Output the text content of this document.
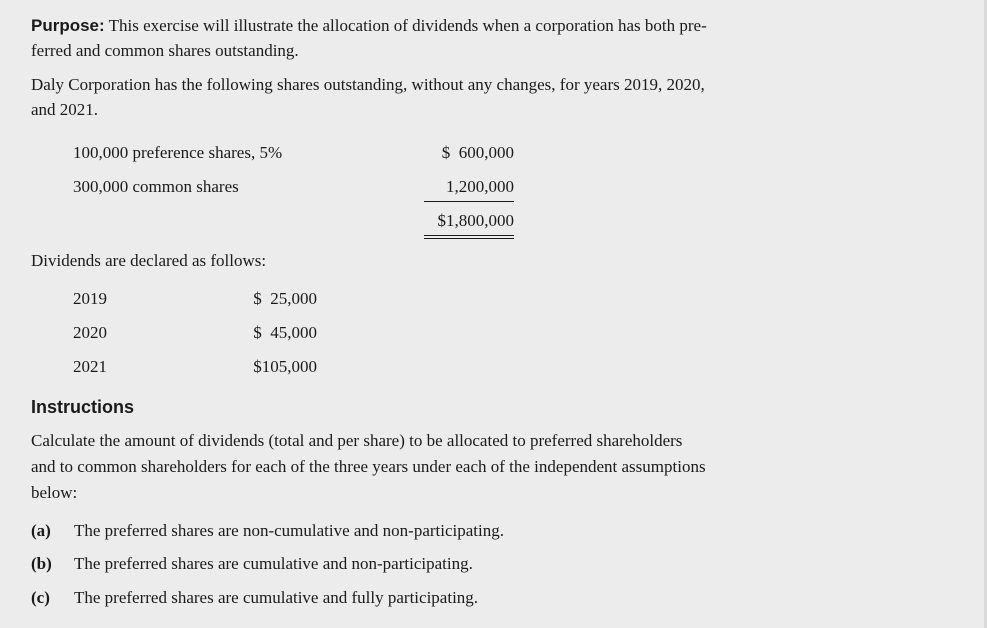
Purpose: This exercise will illustrate the allocation of dividends when a corporation has both pre-
ferred and common shares outstanding.
Daly Corporation has the following shares outstanding, without any changes, for years 2019, 2020,
and 2021.
100,000 preference shares, 5%	$  600,000
300,000 common shares	1,200,000
$1,800,000
Dividends are declared as follows:
2019	$  25,000
2020	$  45,000
2021	$105,000
Instructions
Calculate the amount of dividends (total and per share) to be allocated to preferred shareholders
and to common shareholders for each of the three years under each of the independent assumptions
below:
(a) The preferred shares are non-cumulative and non-participating.
(b) The preferred shares are cumulative and non-participating.
(c) The preferred shares are cumulative and fully participating.
